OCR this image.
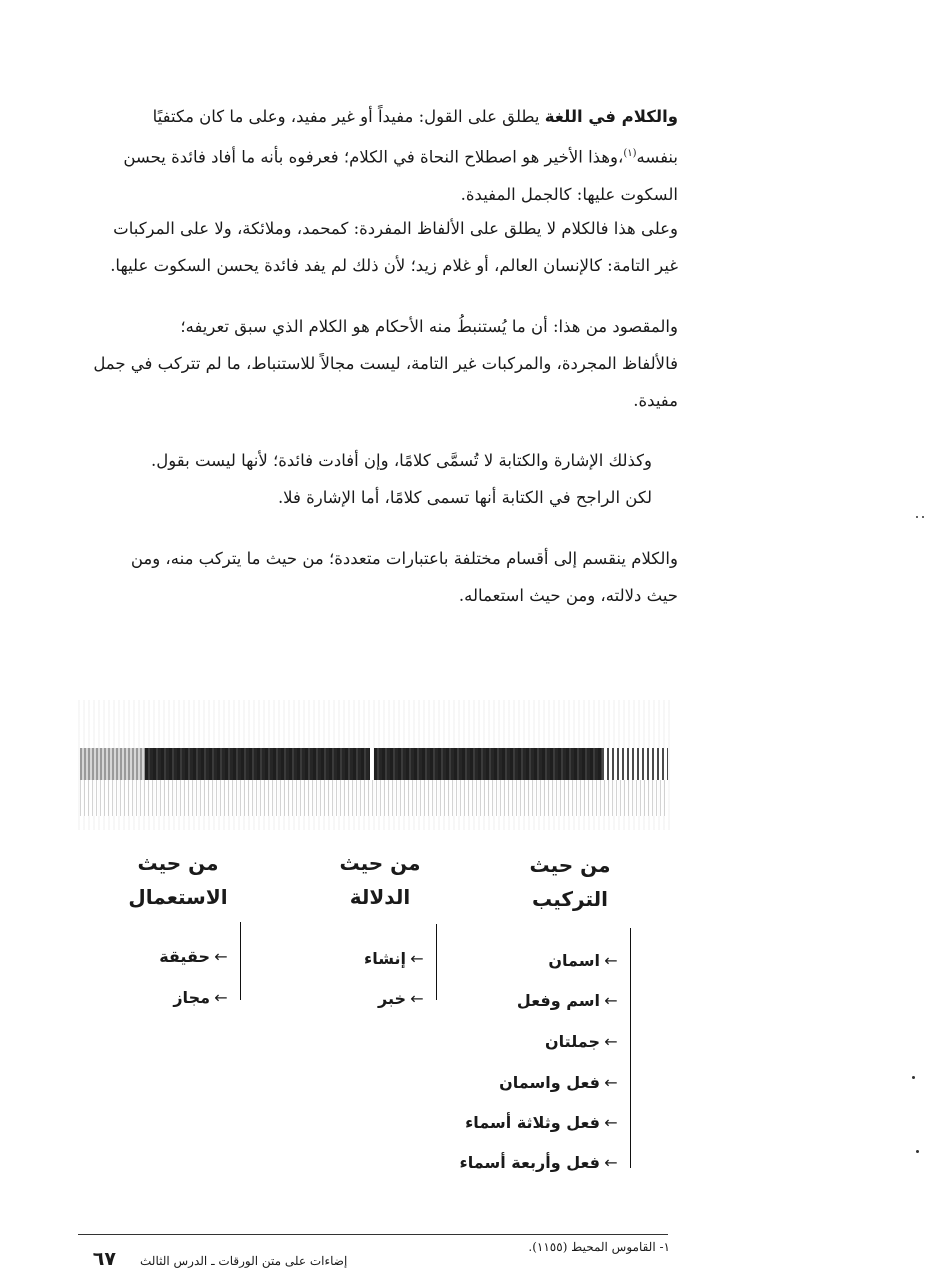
والكلام في اللغة يطلق على القول: مفيداً أو غير مفيد، وعلى ما كان مكتفيًا
بنفسه$^{(١)}$،وهذا الأخير هو اصطلاح النحاة في الكلام؛ فعرفوه بأنه ما أفاد فائدة يحسن
السكوت عليها: كالجمل المفيدة.

وعلى هذا فالكلام لا يطلق على الألفاظ المفردة: كمحمد، وملائكة، ولا على المركبات
غير التامة: كالإنسان العالم، أو غلام زيد؛ لأن ذلك لم يفد فائدة يحسن السكوت عليها.

والمقصود من هذا: أن ما يُستنبطُ منه الأحكام هو الكلام الذي سبق تعريفه؛
فالألفاظ المجردة، والمركبات غير التامة، ليست مجالاً للاستنباط، ما لم تتركب في جمل
مفيدة.

وكذلك الإشارة والكتابة لا تُسمَّى كلامًا، وإن أفادت فائدة؛ لأنها ليست بقول.
لكن الراجح في الكتابة أنها تسمى كلامًا، أما الإشارة فلا.

والكلام ينقسم إلى أقسام مختلفة باعتبارات متعددة؛ من حيث ما يتركب منه، ومن
حيث دلالته، ومن حيث استعماله.

من حيث
التركيب
من حيث
الدلالة
من حيث
الاستعمال
←
اسمان
←
اسم وفعل
←
جملتان
←
فعل واسمان
←
فعل وثلاثة أسماء
←
فعل وأربعة أسماء
←
إنشاء
←
خبر
←
حقيقة
←
مجاز
١- القاموس المحيط (١١٥٥).
إضاءات على متن الورقات ـ الدرس الثالث
٦٧
